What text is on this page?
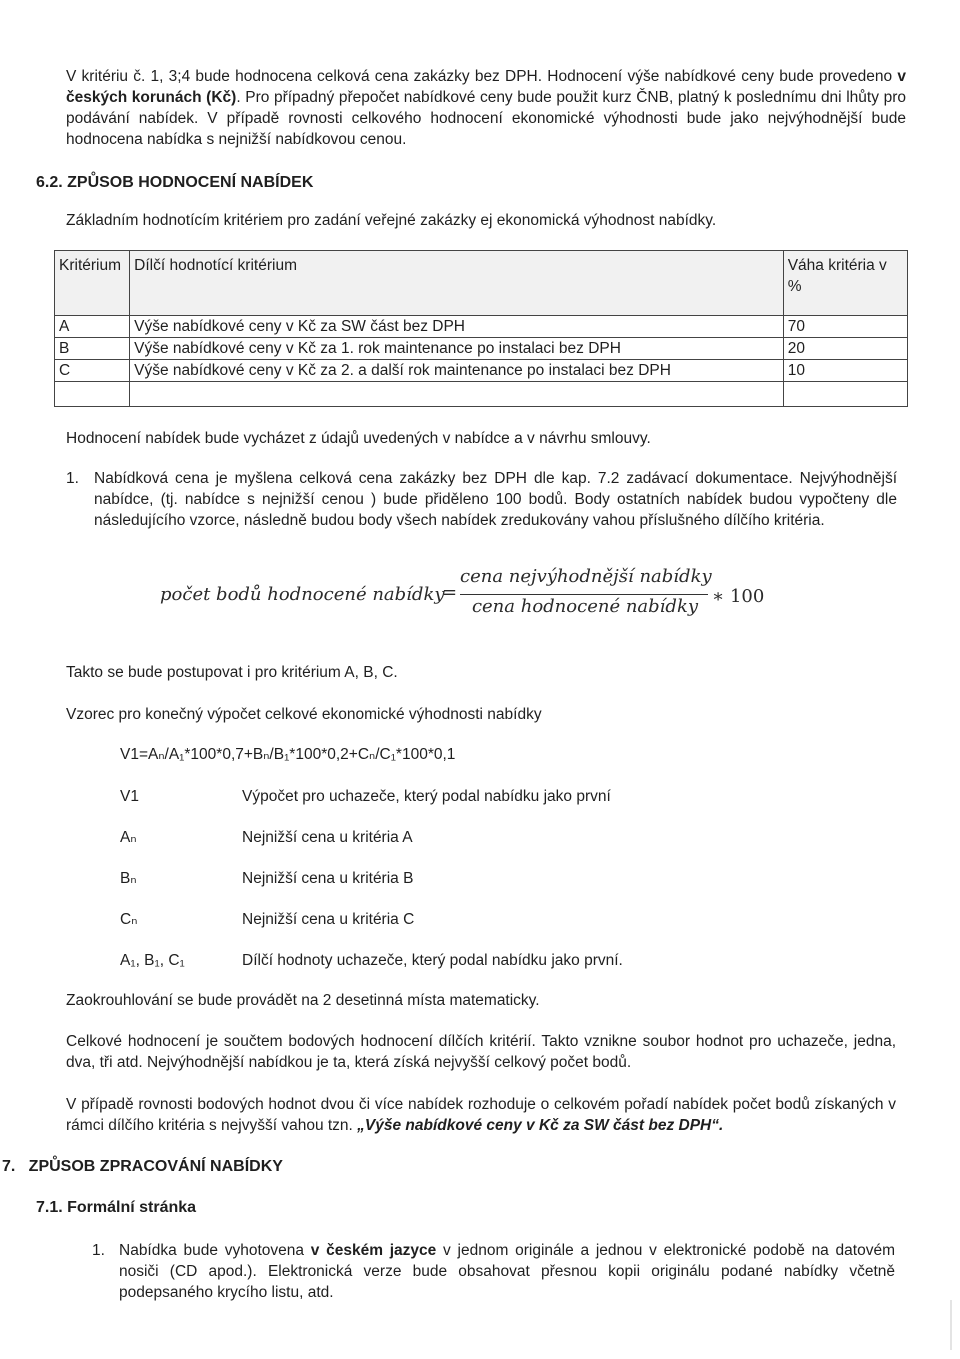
V kritériu č. 1, 3;4 bude hodnocena celková cena zakázky bez DPH. Hodnocení výše nabídkové ceny bude provedeno v českých korunách (Kč). Pro případný přepočet nabídkové ceny bude použit kurz ČNB, platný k poslednímu dni lhůty pro podávání nabídek. V případě rovnosti celkového hodnocení ekonomické výhodnosti bude jako nejvýhodnější bude hodnocena nabídka s nejnižší nabídkovou cenou.
6.2. ZPŮSOB HODNOCENÍ NABÍDEK
Základním hodnotícím kritériem pro zadání veřejné zakázky ej ekonomická výhodnost nabídky.
Kritérium	Dílčí hodnotící kritérium	Váha kritéria v %
A	Výše nabídkové ceny v Kč za SW část bez DPH	70
B	Výše nabídkové ceny v Kč za 1. rok maintenance po instalaci bez DPH	20
C	Výše nabídkové ceny v Kč za 2. a další rok maintenance po instalaci bez DPH	10

Hodnocení nabídek bude vycházet z údajů uvedených v nabídce a v návrhu smlouvy.
1. Nabídková cena je myšlena celková cena zakázky bez DPH dle kap. 7.2 zadávací dokumentace. Nejvýhodnější nabídce, (tj. nabídce s nejnižší cenou ) bude přiděleno 100 bodů. Body ostatních nabídek budou vypočteny dle následujícího vzorce, následně budou body všech nabídek zredukovány vahou příslušného dílčího kritéria.
počet bodů hodnocené nabídky
=
cena nejvýhodnější nabídky
cena hodnocené nabídky ∗ 100
Takto se bude postupovat i pro kritérium A, B, C.
Vzorec pro konečný výpočet celkové ekonomické výhodnosti nabídky
V1=Aₙ/A₁*100*0,7+Bₙ/B₁*100*0,2+Cₙ/C₁*100*0,1
V1	Výpočet pro uchazeče, který podal nabídku jako první
Aₙ	Nejnižší cena u kritéria A
Bₙ	Nejnižší cena u kritéria B
Cₙ	Nejnižší cena u kritéria C
A₁, B₁, C₁	Dílčí hodnoty uchazeče, který podal nabídku jako první.
Zaokrouhlování se bude provádět na 2 desetinná místa matematicky.
Celkové hodnocení je součtem bodových hodnocení dílčích kritérií. Takto vznikne soubor hodnot pro uchazeče, jedna, dva, tři atd. Nejvýhodnější nabídkou je ta, která získá nejvyšší celkový počet bodů.
V případě rovnosti bodových hodnot dvou či více nabídek rozhoduje o celkovém pořadí nabídek počet bodů získaných v rámci dílčího kritéria s nejvyšší vahou tzn. „Výše nabídkové ceny v Kč za SW část bez DPH“.
7.   ZPŮSOB ZPRACOVÁNÍ NABÍDKY
7.1. Formální stránka
1. Nabídka bude vyhotovena v českém jazyce v jednom originále a jednou v elektronické podobě na datovém nosiči (CD apod.). Elektronická verze bude obsahovat přesnou kopii originálu podané nabídky včetně podepsaného krycího listu, atd.
